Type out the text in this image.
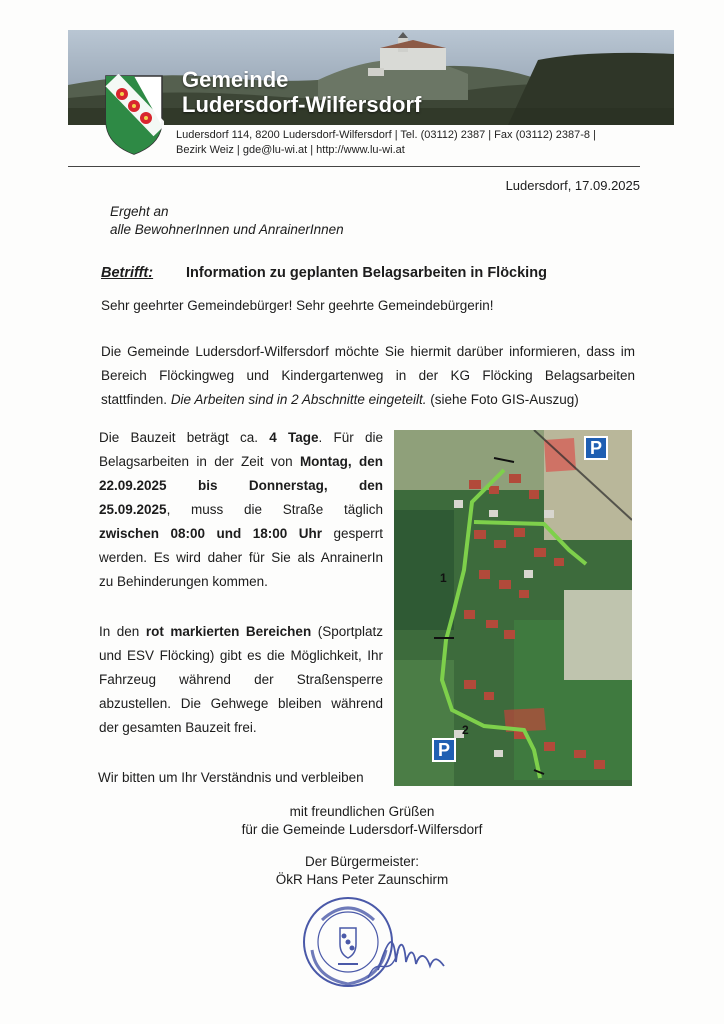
Gemeinde
Ludersdorf-Wilfersdorf
Ludersdorf 114, 8200 Ludersdorf-Wilfersdorf | Tel. (03112) 2387 | Fax (03112) 2387-8 |
Bezirk Weiz | gde@lu-wi.at | http://www.lu-wi.at
Ludersdorf, 17.09.2025
Ergeht an
alle BewohnerInnen und AnrainerInnen
Betrifft: Information zu geplanten Belagsarbeiten in Flöcking
Sehr geehrter Gemeindebürger! Sehr geehrte Gemeindebürgerin!
Die Gemeinde Ludersdorf-Wilfersdorf möchte Sie hiermit darüber informieren, dass im Bereich Flöckingweg und Kindergartenweg in der KG Flöcking Belagsarbeiten stattfinden. Die Arbeiten sind in 2 Abschnitte eingeteilt. (siehe Foto GIS-Auszug)
Die Bauzeit beträgt ca. 4 Tage. Für die
Belagsarbeiten in der Zeit von Montag, den
22.09.2025 bis Donnerstag, den
25.09.2025, muss die Straße täglich
zwischen 08:00 und 18:00 Uhr gesperrt
werden. Es wird daher für Sie als AnrainerIn
zu Behinderungen kommen.
In den rot markierten Bereichen (Sportplatz
und ESV Flöcking) gibt es die Möglichkeit, Ihr
Fahrzeug während der Straßensperre
abzustellen. Die Gehwege bleiben während
der gesamten Bauzeit frei.
1
2
P
P
Wir bitten um Ihr Verständnis und verbleiben
mit freundlichen Grüßen
für die Gemeinde Ludersdorf-Wilfersdorf
Der Bürgermeister:
ÖkR Hans Peter Zaunschirm
